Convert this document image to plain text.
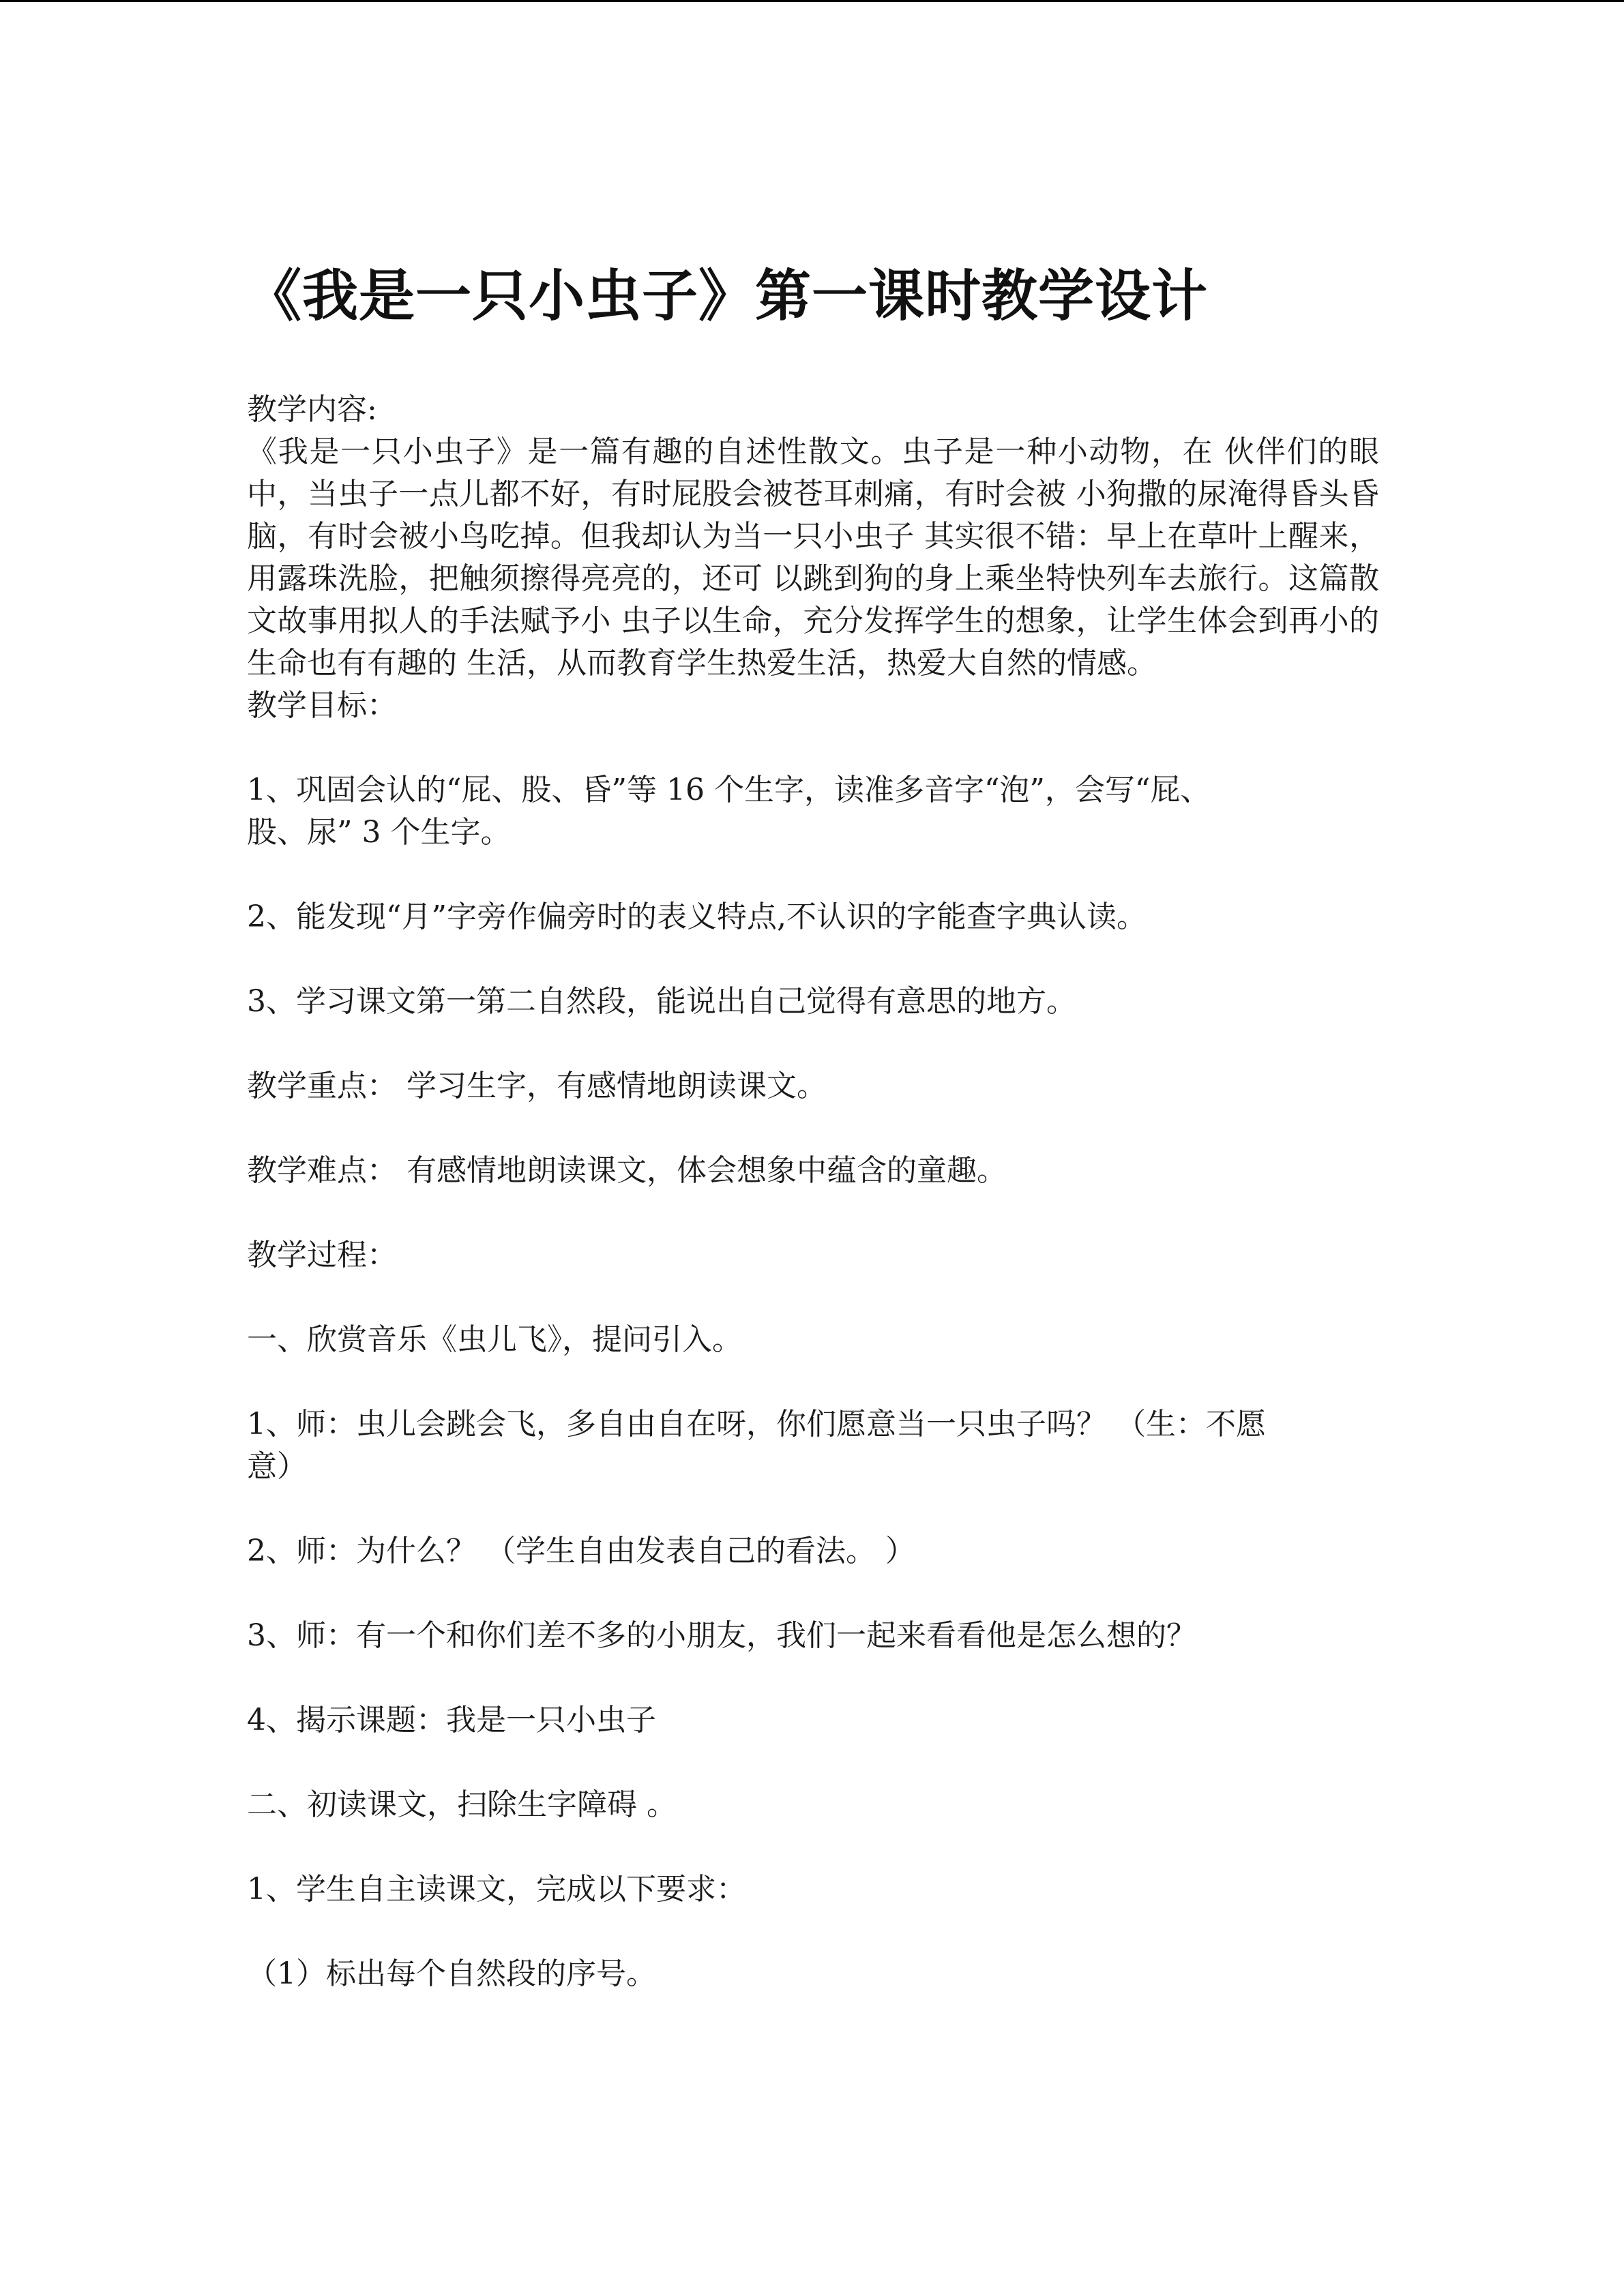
《我是一只小虫子》第一课时教学设计
教学内容:

《我是一只小虫子》是一篇有趣的自述性散文。虫子是一种小动物，在 伙伴们的眼中，当虫子一点儿都不好，有时屁股会被苍耳刺痛，有时会被 小狗撒的尿淹得昏头昏脑，有时会被小鸟吃掉。但我却认为当一只小虫子 其实很不错：早上在草叶上醒来，用露珠洗脸，把触须擦得亮亮的，还可 以跳到狗的身上乘坐特快列车去旅行。这篇散文故事用拟人的手法赋予小 虫子以生命，充分发挥学生的想象，让学生体会到再小的生命也有有趣的 生活，从而教育学生热爱生活，热爱大自然的情感。

教学目标：
1、巩固会认的“屁、股、昏”等 16 个生字，读准多音字“泡”，会写“屁、
股、尿” 3 个生字。
2、能发现“月”字旁作偏旁时的表义特点,不认识的字能查字典认读。
3、学习课文第一第二自然段，能说出自己觉得有意思的地方。
教学重点： 学习生字，有感情地朗读课文。
教学难点： 有感情地朗读课文，体会想象中蕴含的童趣。
教学过程：
一、欣赏音乐《虫儿飞》，提问引入。
1、师：虫儿会跳会飞，多自由自在呀，你们愿意当一只虫子吗？ （生：不愿
意）
2、师：为什么？ （学生自由发表自己的看法。 ）
3、师：有一个和你们差不多的小朋友，我们一起来看看他是怎么想的？
4、揭示课题：我是一只小虫子
二、初读课文，扫除生字障碍 。
1、学生自主读课文，完成以下要求：
（1）标出每个自然段的序号。
